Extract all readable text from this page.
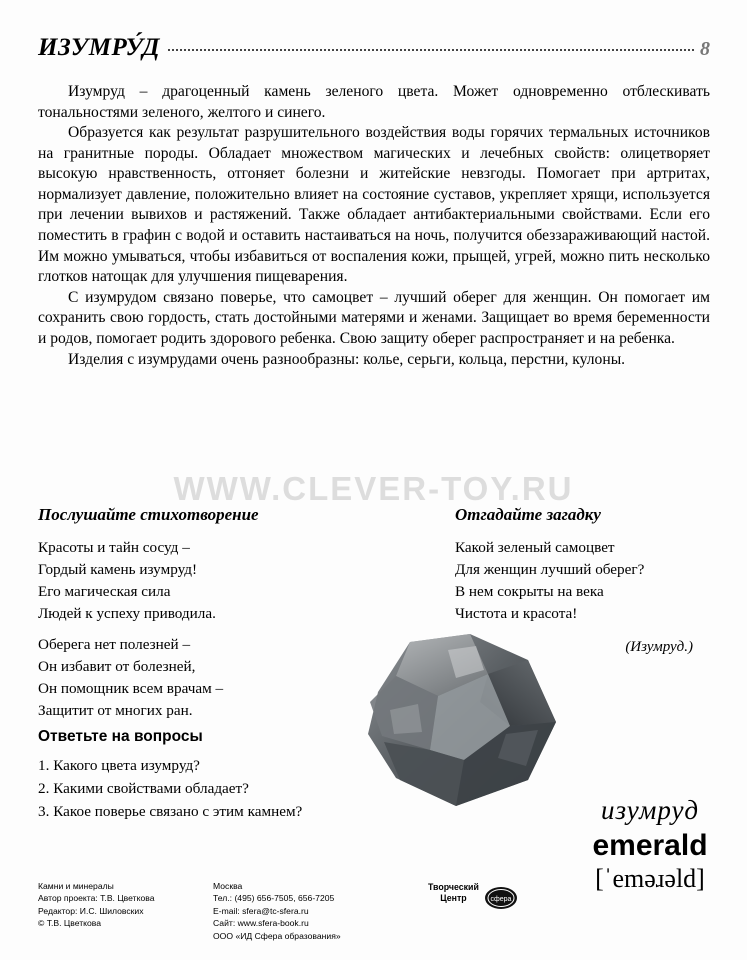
ИЗУМРУ́Д	8

Изумруд – драгоценный камень зеленого цвета. Может одновременно отблескивать тональностями зеленого, желтого и синего.

Образуется как результат разрушительного воздействия воды горячих термальных источников на гранитные породы. Обладает множеством магических и лечебных свойств: олицетворяет высокую нравственность, отгоняет болезни и житейские невзгоды. Помогает при артритах, нормализует давление, положительно влияет на состояние суставов, укрепляет хрящи, используется при лечении вывихов и растяжений. Также обладает антибактериальными свойствами. Если его поместить в графин с водой и оставить настаиваться на ночь, получится обеззараживающий настой. Им можно умываться, чтобы избавиться от воспаления кожи, прыщей, угрей, можно пить несколько глотков натощак для улучшения пищеварения.

С изумрудом связано поверье, что самоцвет – лучший оберег для женщин. Он помогает им сохранить свою гордость, стать достойными матерями и женами. Защищает во время беременности и родов, помогает родить здорового ребенка. Свою защиту оберег распространяет и на ребенка.

Изделия с изумрудами очень разнообразны: колье, серьги, кольца, перстни, кулоны.

WWW.CLEVER-TOY.RU
Послушайте стихотворение
Красоты и тайн сосуд –
Гордый камень изумруд!
Его магическая сила
Людей к успеху приводила.
Оберега нет полезней –
Он избавит от болезней,
Он помощник всем врачам –
Защитит от многих ран.
Отгадайте загадку
Какой зеленый самоцвет
Для женщин лучший оберег?
В нем сокрыты на века
Чистота и красота!
(Изумруд.)
Ответьте на вопросы
1. Какого цвета изумруд?
2. Какими свойствами обладает?
3. Какое поверье связано с этим камнем?	изумруд
emerald
[ˈeməɹəld]
Камни и минералы
Автор проекта: Т.В. Цветкова
Редактор: И.С. Шиловских
© Т.В. Цветкова
Москва
Тел.: (495) 656-7505, 656-7205
E-mail: sfera@tc-sfera.ru
Сайт: www.sfera-book.ru
ООО «ИД Сфера образования»
Творческий
Центр	сфера
